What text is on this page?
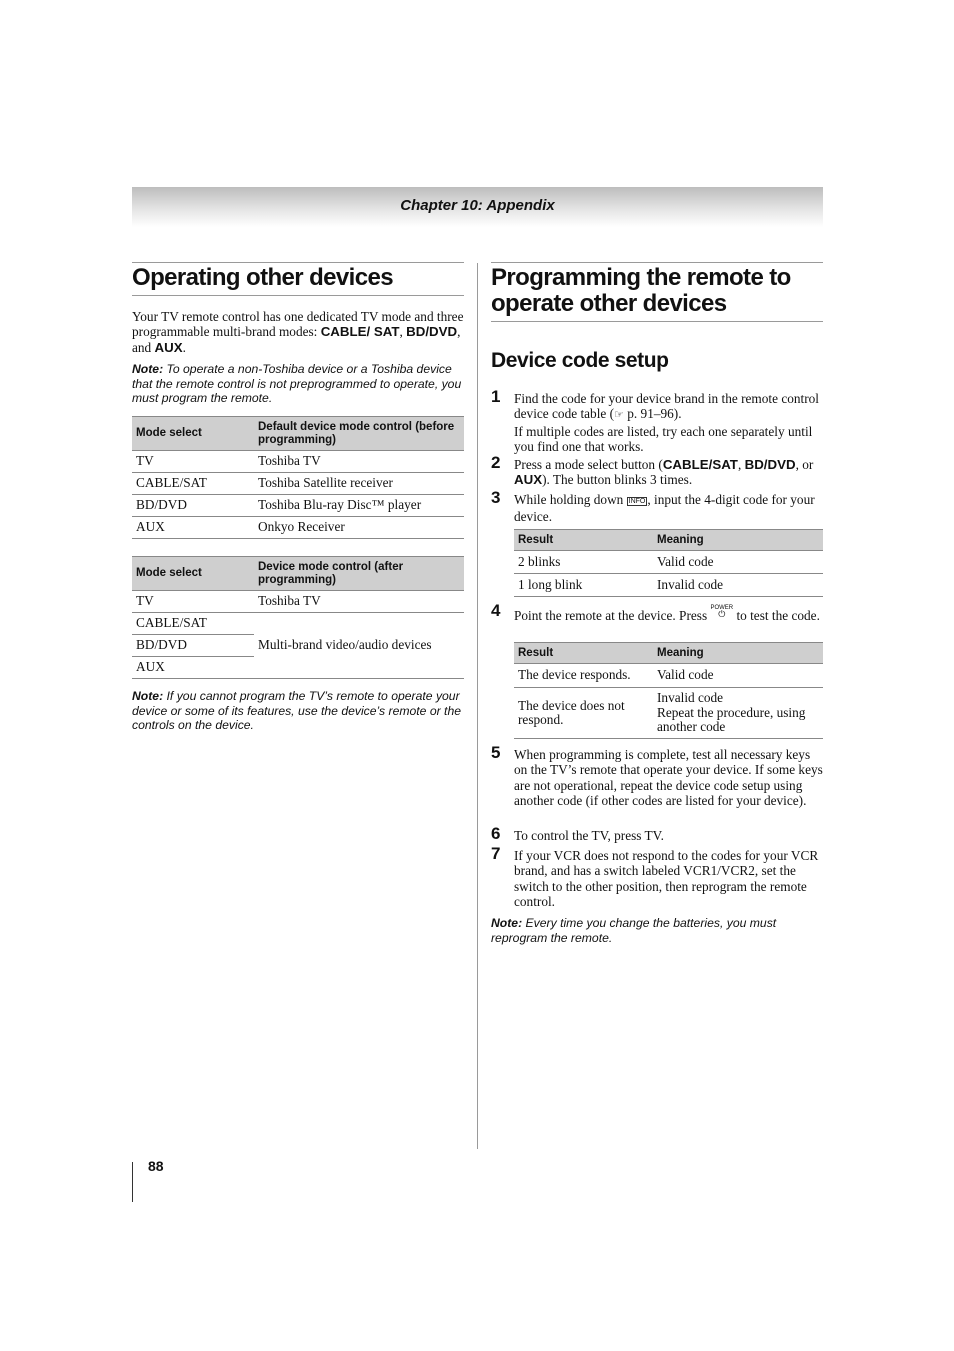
Chapter 10: Appendix
Operating other devices
Your TV remote control has one dedicated TV mode and three programmable multi-brand modes: CABLE/ SAT, BD/DVD, and AUX.
Note: To operate a non-Toshiba device or a Toshiba device that the remote control is not preprogrammed to operate, you must program the remote.
Mode select	Default device mode control (before programming)
TV	Toshiba TV
CABLE/SAT	Toshiba Satellite receiver
BD/DVD	Toshiba Blu-ray Disc™ player
AUX	Onkyo Receiver
Mode select	Device mode control (after programming)
TV	Toshiba TV
CABLE/SAT	Multi-brand video/audio devices
BD/DVD	
AUX	
Note: If you cannot program the TV’s remote to operate your device or some of its features, use the device’s remote or the controls on the device.
Programming the remote to
operate other devices
Device code setup
1 Find the code for your device brand in the remote control device code table (☞ p. 91–96).
If multiple codes are listed, try each one separately until you find one that works.
2 Press a mode select button (CABLE/SAT, BD/DVD, or AUX). The button blinks 3 times.
3 While holding down INFO , input the 4-digit code for your device.
Result	Meaning
2 blinks	Valid code
1 long blink	Invalid code
4 Point the remote at the device. Press POWER
⏻ to test the code.
Result	Meaning
The device responds.	Valid code
The device does not respond.	Invalid code
Repeat the procedure, using another code
5 When programming is complete, test all necessary keys on the TV’s remote that operate your device. If some keys are not operational, repeat the device code setup using another code (if other codes are listed for your device).
6 To control the TV, press TV.
7 If your VCR does not respond to the codes for your VCR brand, and has a switch labeled VCR1/VCR2, set the switch to the other position, then reprogram the remote control.
Note: Every time you change the batteries, you must reprogram the remote.
88
